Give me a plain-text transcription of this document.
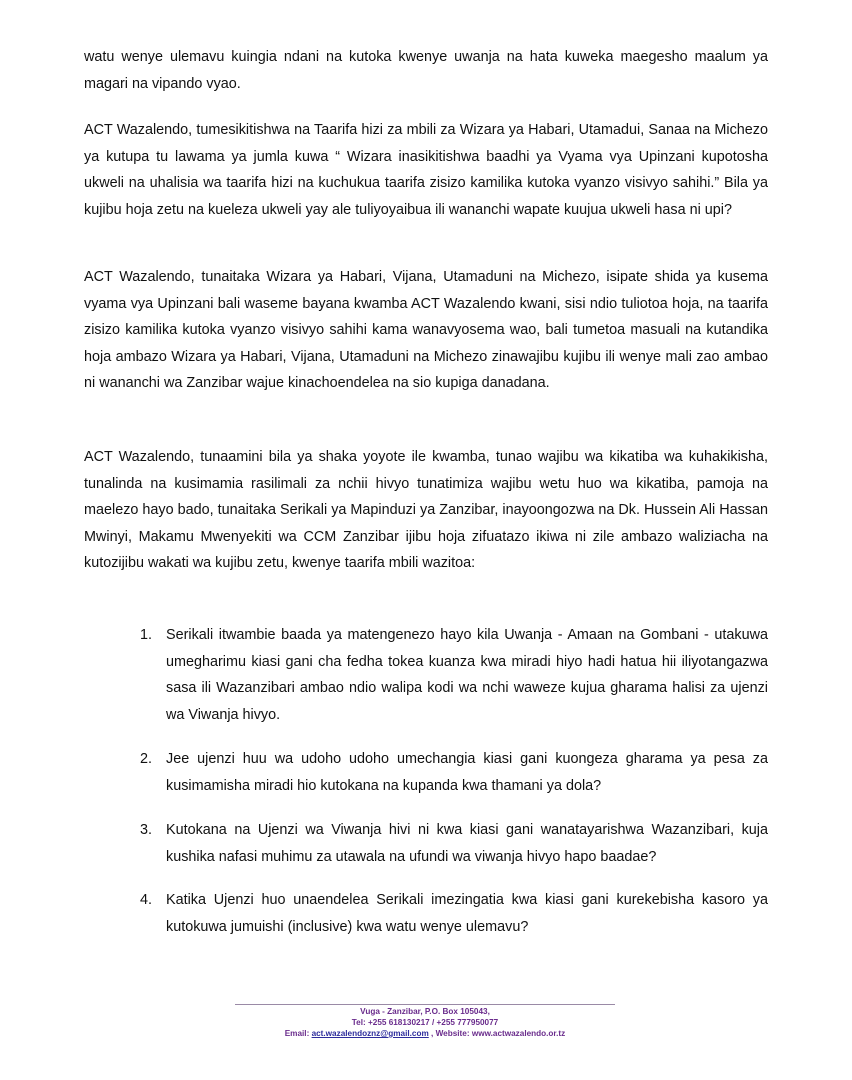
watu wenye ulemavu kuingia ndani na kutoka kwenye uwanja na hata kuweka maegesho maalum ya magari na vipando vyao.

ACT Wazalendo, tumesikitishwa na Taarifa hizi za mbili za Wizara ya Habari, Utamadui, Sanaa na Michezo ya kutupa tu lawama ya jumla kuwa “ Wizara inasikitishwa baadhi ya Vyama vya Upinzani kupotosha ukweli na uhalisia wa taarifa hizi na kuchukua taarifa zisizo kamilika kutoka vyanzo visivyo sahihi.” Bila ya kujibu hoja zetu na kueleza ukweli yay ale tuliyoyaibua ili wananchi wapate kuujua ukweli hasa ni upi?

ACT Wazalendo, tunaitaka Wizara ya Habari, Vijana, Utamaduni na Michezo, isipate shida ya kusema vyama vya Upinzani bali waseme bayana kwamba ACT Wazalendo kwani, sisi ndio tuliotoa hoja, na taarifa zisizo kamilika kutoka vyanzo visivyo sahihi kama wanavyosema wao, bali tumetoa masuali na kutandika hoja ambazo Wizara ya Habari, Vijana, Utamaduni na Michezo zinawajibu kujibu ili wenye mali zao ambao ni wananchi wa Zanzibar wajue kinachoendelea na sio kupiga danadana.

ACT Wazalendo, tunaamini bila ya shaka yoyote ile kwamba, tunao wajibu wa kikatiba wa kuhakikisha, tunalinda na kusimamia rasilimali za nchii hivyo tunatimiza wajibu wetu huo wa kikatiba, pamoja na maelezo hayo bado, tunaitaka Serikali ya Mapinduzi ya Zanzibar, inayoongozwa na Dk. Hussein Ali Hassan Mwinyi, Makamu Mwenyekiti wa CCM Zanzibar ijibu hoja zifuatazo ikiwa ni zile ambazo waliziacha na kutozijibu wakati wa kujibu zetu, kwenye taarifa mbili wazitoa:

1. Serikali itwambie baada ya matengenezo hayo kila Uwanja - Amaan na Gombani - utakuwa umegharimu kiasi gani cha fedha tokea kuanza kwa miradi hiyo hadi hatua hii iliyotangazwa sasa ili Wazanzibari ambao ndio walipa kodi wa nchi waweze kujua gharama halisi za ujenzi wa Viwanja hivyo.
2. Jee ujenzi huu wa udoho udoho umechangia kiasi gani kuongeza gharama ya pesa za kusimamisha miradi hio kutokana na kupanda kwa thamani ya dola?
3. Kutokana na Ujenzi wa Viwanja hivi ni kwa kiasi gani wanatayarishwa Wazanzibari, kuja kushika nafasi muhimu za utawala na ufundi wa viwanja hivyo hapo baadae?
4. Katika Ujenzi huo unaendelea Serikali imezingatia kwa kiasi gani kurekebisha kasoro ya kutokuwa jumuishi (inclusive) kwa watu wenye ulemavu?

Vuga - Zanzibar, P.O. Box 105043,

Tel: +255 618130217 / +255 777950077

Email: act.wazalendoznz@gmail.com , Website: www.actwazalendo.or.tz
